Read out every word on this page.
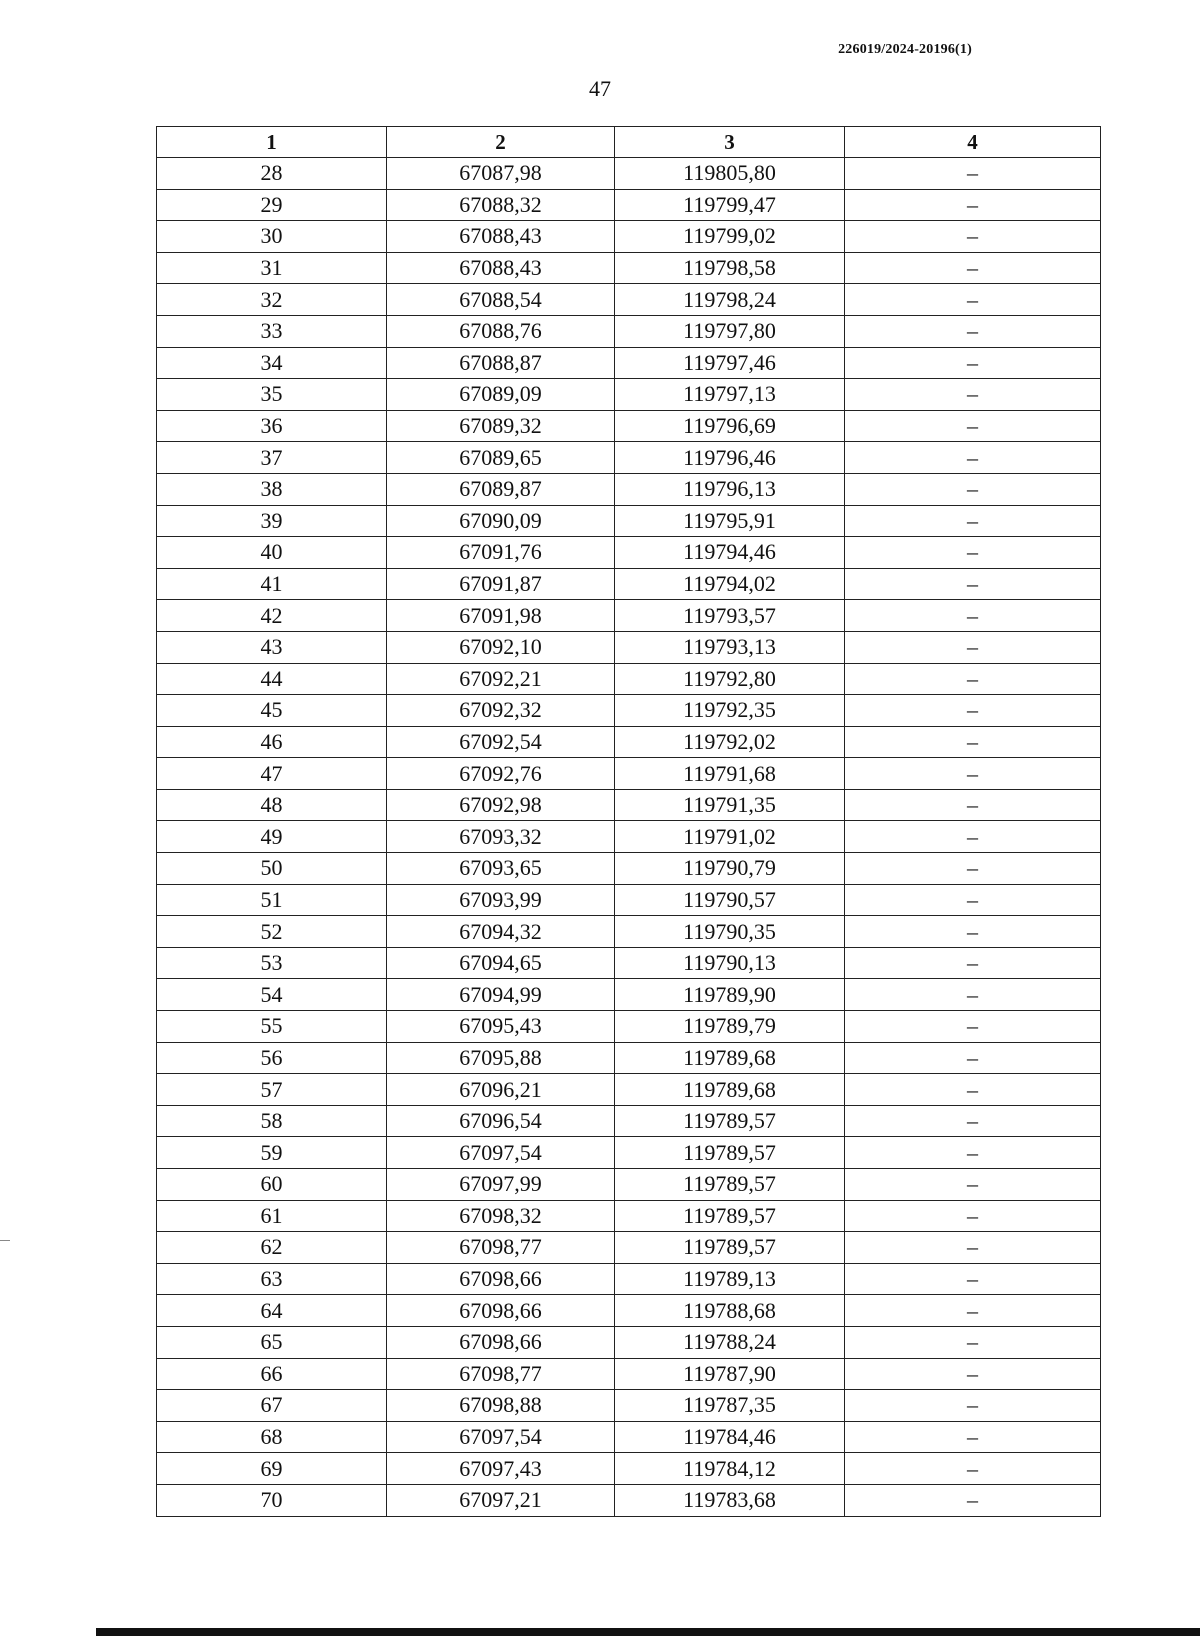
226019/2024-20196(1)
47
1	2	3	4
28	67087,98	119805,80	–
29	67088,32	119799,47	–
30	67088,43	119799,02	–
31	67088,43	119798,58	–
32	67088,54	119798,24	–
33	67088,76	119797,80	–
34	67088,87	119797,46	–
35	67089,09	119797,13	–
36	67089,32	119796,69	–
37	67089,65	119796,46	–
38	67089,87	119796,13	–
39	67090,09	119795,91	–
40	67091,76	119794,46	–
41	67091,87	119794,02	–
42	67091,98	119793,57	–
43	67092,10	119793,13	–
44	67092,21	119792,80	–
45	67092,32	119792,35	–
46	67092,54	119792,02	–
47	67092,76	119791,68	–
48	67092,98	119791,35	–
49	67093,32	119791,02	–
50	67093,65	119790,79	–
51	67093,99	119790,57	–
52	67094,32	119790,35	–
53	67094,65	119790,13	–
54	67094,99	119789,90	–
55	67095,43	119789,79	–
56	67095,88	119789,68	–
57	67096,21	119789,68	–
58	67096,54	119789,57	–
59	67097,54	119789,57	–
60	67097,99	119789,57	–
61	67098,32	119789,57	–
62	67098,77	119789,57	–
63	67098,66	119789,13	–
64	67098,66	119788,68	–
65	67098,66	119788,24	–
66	67098,77	119787,90	–
67	67098,88	119787,35	–
68	67097,54	119784,46	–
69	67097,43	119784,12	–
70	67097,21	119783,68	–
